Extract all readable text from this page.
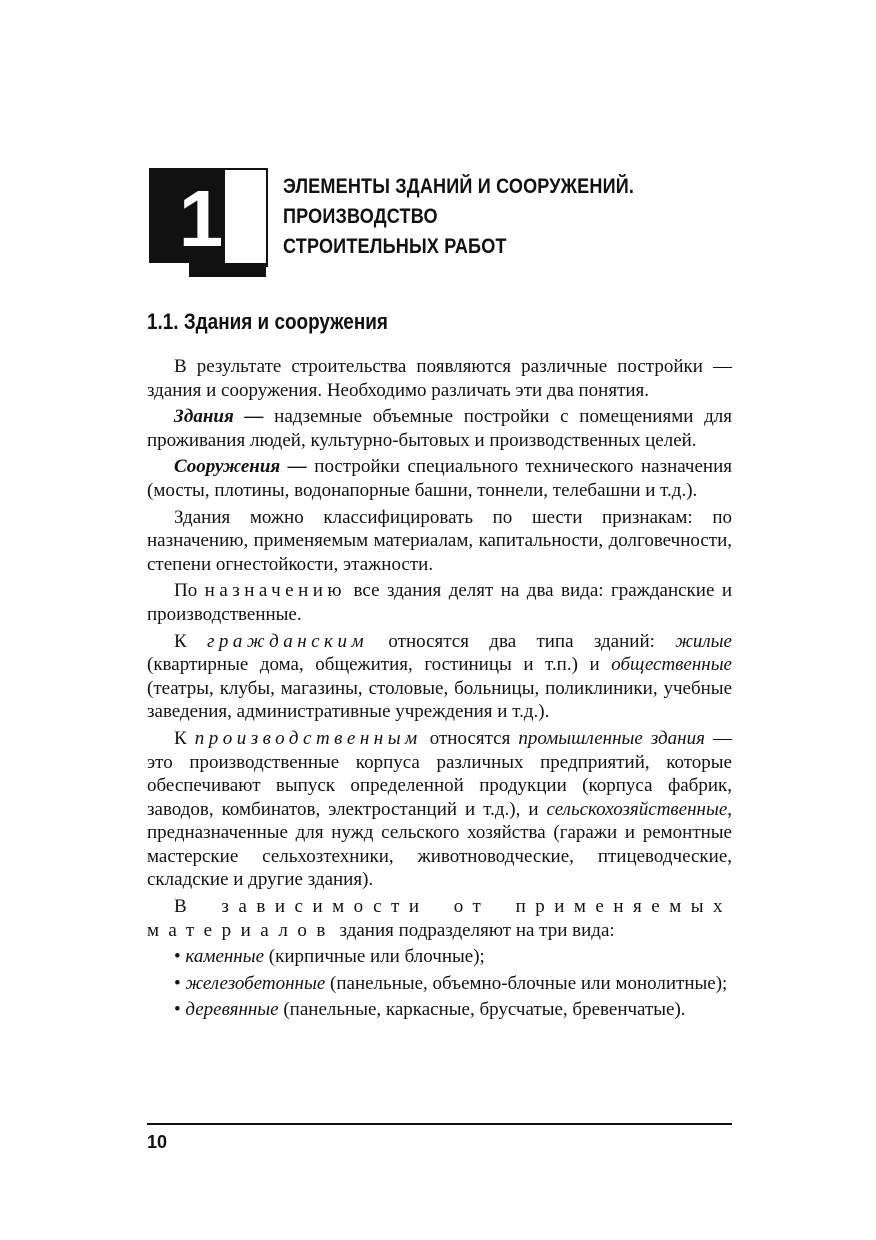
1	ЭЛЕМЕНТЫ ЗДАНИЙ И СООРУЖЕНИЙ.
ПРОИЗВОДСТВО
СТРОИТЕЛЬНЫХ РАБОТ
1.1. Здания и сооружения

В результате строительства появляются различные постройки — здания и сооружения. Необходимо различать эти два понятия.

Здания — надземные объемные постройки с помещениями для проживания людей, культурно-бытовых и производственных целей.

Сооружения — постройки специального технического назначения (мосты, плотины, водонапорные башни, тоннели, телебашни и т.д.).

Здания можно классифицировать по шести признакам: по назначению, применяемым материалам, капитальности, долговечности, степени огнестойкости, этажности.

По назначению все здания делят на два вида: гражданские и производственные.

К гражданским относятся два типа зданий: жилые (квартирные дома, общежития, гостиницы и т.п.) и общественные (театры, клубы, магазины, столовые, больницы, поликлиники, учебные заведения, административные учреждения и т.д.).

К производственным относятся промышленные здания — это производственные корпуса различных предприятий, которые обеспечивают выпуск определенной продукции (корпуса фабрик, заводов, комбинатов, электростанций и т.д.), и сельскохозяйственные, предназначенные для нужд сельского хозяйства (гаражи и ремонтные мастерские сельхозтехники, животноводческие, птицеводческие, складские и другие здания).

В зависимости от применяемых материалов здания подразделяют на три вида:

• каменные (кирпичные или блочные);

• железобетонные (панельные, объемно-блочные или монолитные);

• деревянные (панельные, каркасные, брусчатые, бревенчатые).

10
